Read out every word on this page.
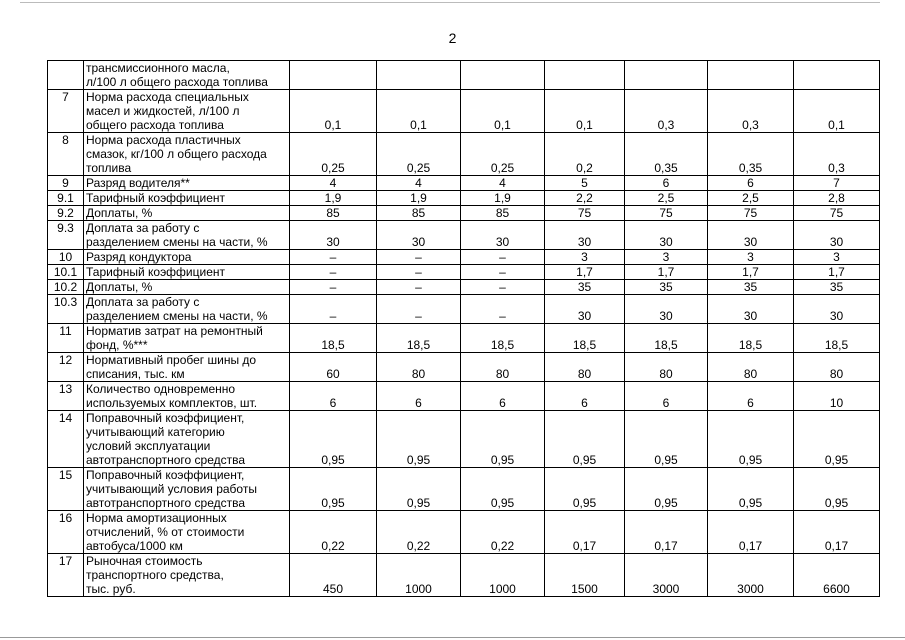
2
	трансмиссионного масла,
л/100 л общего расхода топлива							
7	Норма расхода специальных
масел и жидкостей, л/100 л
общего расхода топлива	0,1	0,1	0,1	0,1	0,3	0,3	0,1
8	Норма расхода пластичных
смазок, кг/100 л общего расхода
топлива	0,25	0,25	0,25	0,2	0,35	0,35	0,3
9	Разряд водителя**	4	4	4	5	6	6	7
9.1	Тарифный коэффициент	1,9	1,9	1,9	2,2	2,5	2,5	2,8
9.2	Доплаты, %	85	85	85	75	75	75	75
9.3	Доплата за работу с
разделением смены на части, %	30	30	30	30	30	30	30
10	Разряд кондуктора	–	–	–	3	3	3	3
10.1	Тарифный коэффициент	–	–	–	1,7	1,7	1,7	1,7
10.2	Доплаты, %	–	–	–	35	35	35	35
10.3	Доплата за работу с
разделением смены на части, %	–	–	–	30	30	30	30
11	Норматив затрат на ремонтный
фонд, %***	18,5	18,5	18,5	18,5	18,5	18,5	18,5
12	Нормативный пробег шины до
списания, тыс. км	60	80	80	80	80	80	80
13	Количество одновременно
используемых комплектов, шт.	6	6	6	6	6	6	10
14	Поправочный коэффициент,
учитывающий категорию
условий эксплуатации
автотранспортного средства	0,95	0,95	0,95	0,95	0,95	0,95	0,95
15	Поправочный коэффициент,
учитывающий условия работы
автотранспортного средства	0,95	0,95	0,95	0,95	0,95	0,95	0,95
16	Норма амортизационных
отчислений, % от стоимости
автобуса/1000 км	0,22	0,22	0,22	0,17	0,17	0,17	0,17
17	Рыночная стоимость
транспортного средства,
тыс. руб.	450	1000	1000	1500	3000	3000	6600
